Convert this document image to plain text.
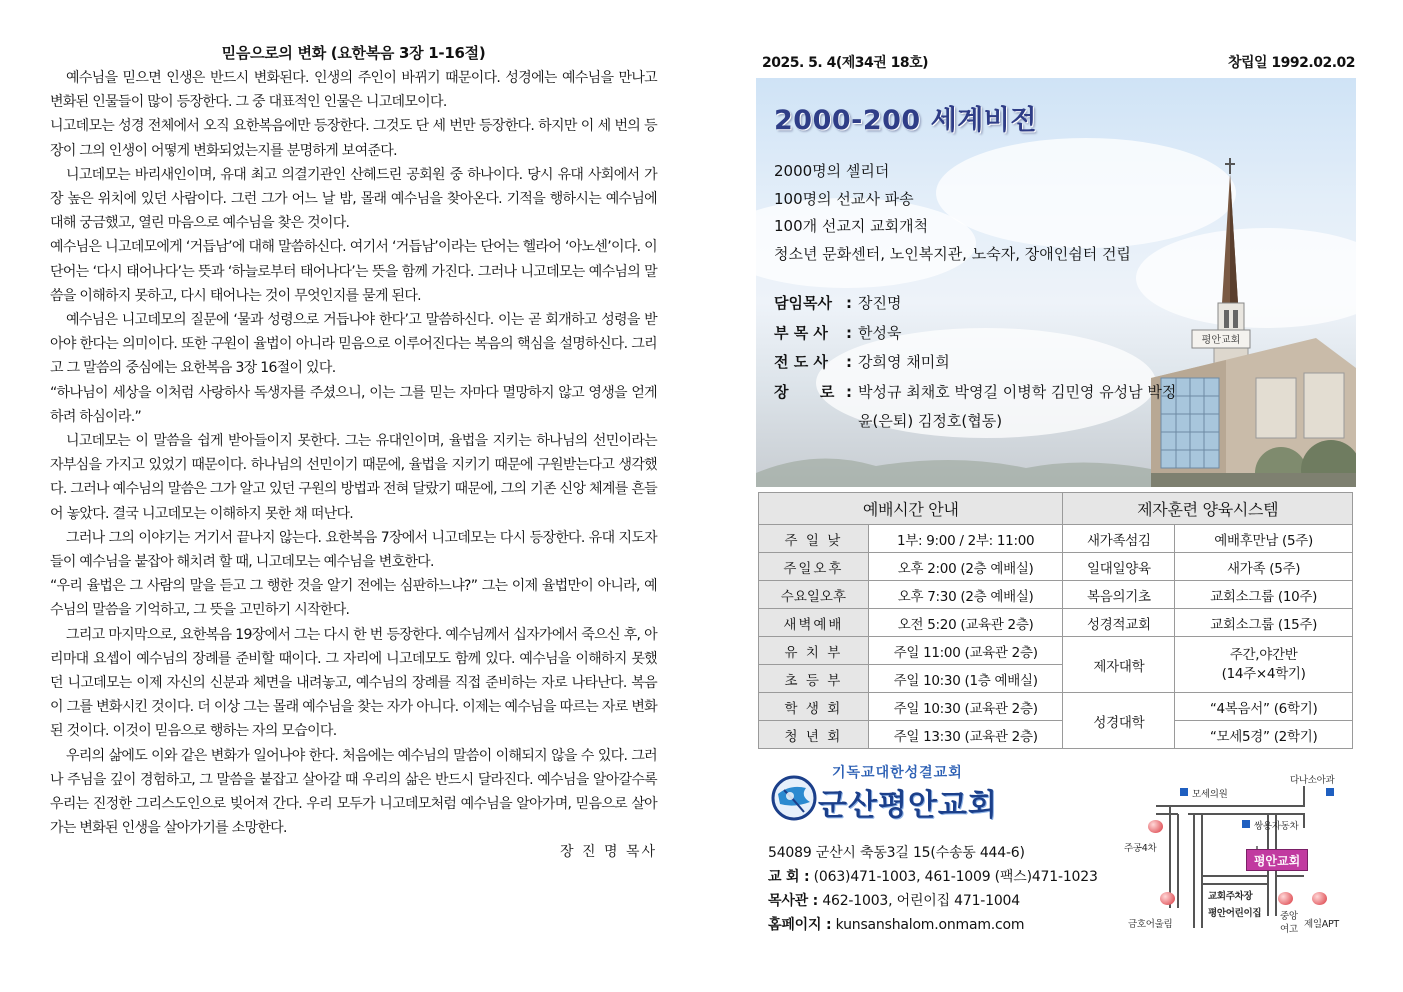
믿음으로의 변화 (요한복음 3장 1-16절)

예수님을 믿으면 인생은 반드시 변화된다. 인생의 주인이 바뀌기 때문이다. 성경에는 예수님을 만나고 변화된 인물들이 많이 등장한다. 그 중 대표적인 인물은 니고데모이다.

니고데모는 성경 전체에서 오직 요한복음에만 등장한다. 그것도 단 세 번만 등장한다. 하지만 이 세 번의 등장이 그의 인생이 어떻게 변화되었는지를 분명하게 보여준다.

니고데모는 바리새인이며, 유대 최고 의결기관인 산헤드린 공회원 중 하나이다. 당시 유대 사회에서 가장 높은 위치에 있던 사람이다. 그런 그가 어느 날 밤, 몰래 예수님을 찾아온다. 기적을 행하시는 예수님에 대해 궁금했고, 열린 마음으로 예수님을 찾은 것이다.

예수님은 니고데모에게 ‘거듭남’에 대해 말씀하신다. 여기서 ‘거듭남’이라는 단어는 헬라어 ‘아노센’이다. 이 단어는 ‘다시 태어나다’는 뜻과 ‘하늘로부터 태어나다’는 뜻을 함께 가진다. 그러나 니고데모는 예수님의 말씀을 이해하지 못하고, 다시 태어나는 것이 무엇인지를 묻게 된다.

예수님은 니고데모의 질문에 ‘물과 성령으로 거듭나야 한다’고 말씀하신다. 이는 곧 회개하고 성령을 받아야 한다는 의미이다. 또한 구원이 율법이 아니라 믿음으로 이루어진다는 복음의 핵심을 설명하신다. 그리고 그 말씀의 중심에는 요한복음 3장 16절이 있다.

“하나님이 세상을 이처럼 사랑하사 독생자를 주셨으니, 이는 그를 믿는 자마다 멸망하지 않고 영생을 얻게 하려 하심이라.”

니고데모는 이 말씀을 쉽게 받아들이지 못한다. 그는 유대인이며, 율법을 지키는 하나님의 선민이라는 자부심을 가지고 있었기 때문이다. 하나님의 선민이기 때문에, 율법을 지키기 때문에 구원받는다고 생각했다. 그러나 예수님의 말씀은 그가 알고 있던 구원의 방법과 전혀 달랐기 때문에, 그의 기존 신앙 체계를 흔들어 놓았다. 결국 니고데모는 이해하지 못한 채 떠난다.

그러나 그의 이야기는 거기서 끝나지 않는다. 요한복음 7장에서 니고데모는 다시 등장한다. 유대 지도자들이 예수님을 붙잡아 해치려 할 때, 니고데모는 예수님을 변호한다.

“우리 율법은 그 사람의 말을 듣고 그 행한 것을 알기 전에는 심판하느냐?” 그는 이제 율법만이 아니라, 예수님의 말씀을 기억하고, 그 뜻을 고민하기 시작한다.

그리고 마지막으로, 요한복음 19장에서 그는 다시 한 번 등장한다. 예수님께서 십자가에서 죽으신 후, 아리마대 요셉이 예수님의 장례를 준비할 때이다. 그 자리에 니고데모도 함께 있다. 예수님을 이해하지 못했던 니고데모는 이제 자신의 신분과 체면을 내려놓고, 예수님의 장례를 직접 준비하는 자로 나타난다. 복음이 그를 변화시킨 것이다. 더 이상 그는 몰래 예수님을 찾는 자가 아니다. 이제는 예수님을 따르는 자로 변화된 것이다. 이것이 믿음으로 행하는 자의 모습이다.

우리의 삶에도 이와 같은 변화가 일어나야 한다. 처음에는 예수님의 말씀이 이해되지 않을 수 있다. 그러나 주님을 깊이 경험하고, 그 말씀을 붙잡고 살아갈 때 우리의 삶은 반드시 달라진다. 예수님을 알아갈수록 우리는 진정한 그리스도인으로 빚어져 간다. 우리 모두가 니고데모처럼 예수님을 알아가며, 믿음으로 살아가는 변화된 인생을 살아가기를 소망한다.

장 진 명 목사
2025. 5. 4(제34권 18호)	창립일 1992.02.02
평안교회
2000-200 세계비전
2000명의 셀리더
100명의 선교사 파송
100개 선교지 교회개척
청소년 문화센터, 노인복지관, 노숙자, 장애인쉼터 건립
담임목사 : 장진명
부 목 사	: 한성욱
전 도 사	: 강희영 채미희
장      로 : 박성규 최채호 박영길 이병학 김민영 유성남 박정윤(은퇴) 김정호(협동)
예배시간 안내		제자훈련 양육시스템	
주 일 낮	1부: 9:00 / 2부: 11:00	새가족섬김	예배후만남 (5주)
주일오후	오후 2:00 (2층 예배실)	일대일양육	새가족 (5주)
수요일오후	오후 7:30 (2층 예배실)	복음의기초	교회소그룹 (10주)
새벽예배	오전 5:20 (교육관 2층)	성경적교회	교회소그룹 (15주)
유 치 부	주일 11:00 (교육관 2층)	제자대학	주간,야간반
(14주×4학기)

초 등 부	주일 10:30 (1층 예배실)		
학 생 회	주일 10:30 (교육관 2층)	성경대학	“4복음서” (6학기)
청 년 회	주일 13:30 (교육관 2층)		“모세5경” (2학기)
기독교대한성결교회
군산평안교회
54089 군산시 축동3길 15(수송동 444-6)
교 회 : (063)471-1003, 461-1009 (팩스)471-1023
목사관 : 462-1003, 어린이집 471-1004
홈페이지 : kunsanshalom.onmam.com
모세의원
다나소아과
쌍용자동차
주공4차
평안교회
교회주차장
평안어린이집
금호어울림
중앙
여고 제일APT
